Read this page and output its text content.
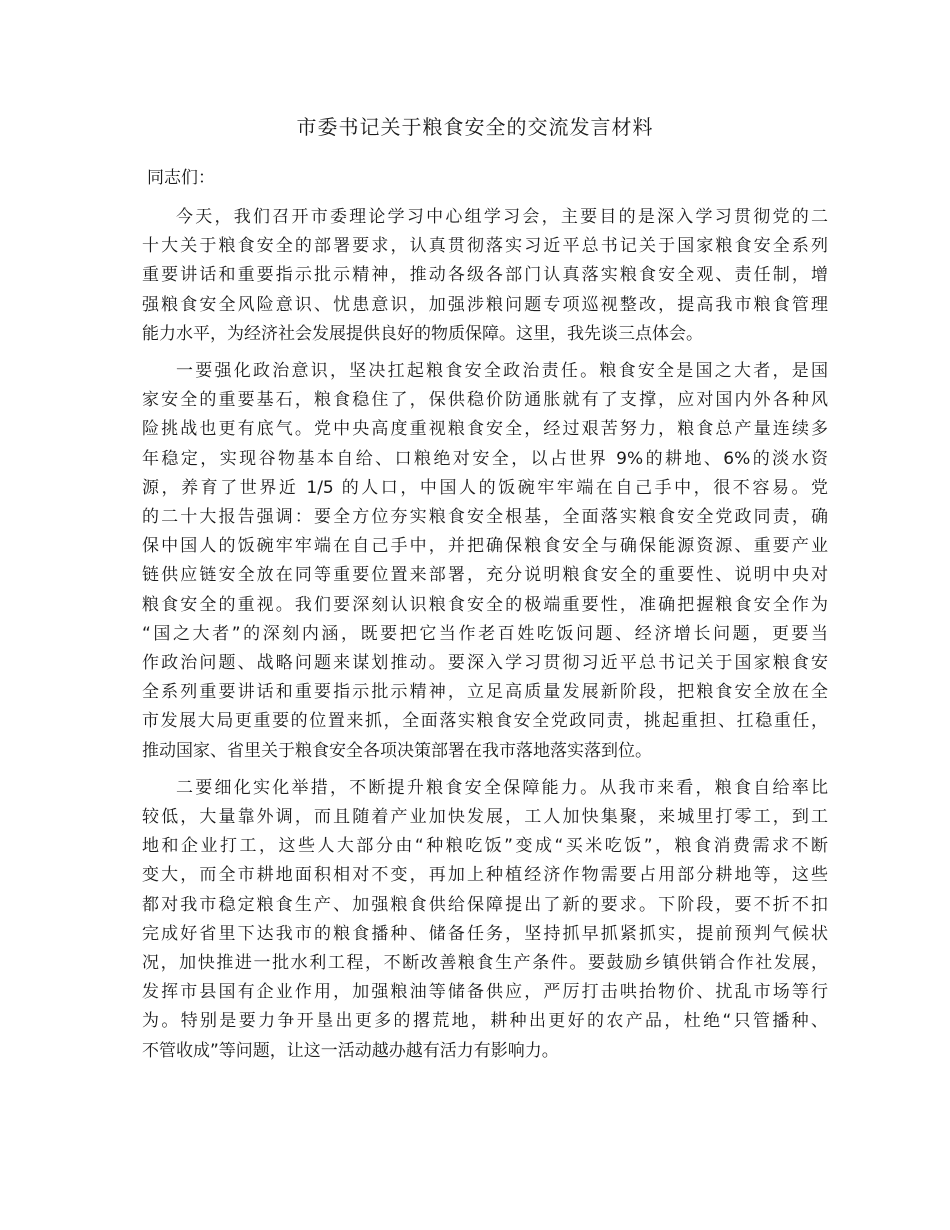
市委书记关于粮食安全的交流发言材料

同志们：

今天，我们召开市委理论学习中心组学习会，主要目的是深入学习贯彻党的二
十大关于粮食安全的部署要求，认真贯彻落实习近平总书记关于国家粮食安全系列
重要讲话和重要指示批示精神，推动各级各部门认真落实粮食安全观、责任制，增
强粮食安全风险意识、忧患意识，加强涉粮问题专项巡视整改，提高我市粮食管理
能力水平，为经济社会发展提供良好的物质保障。这里，我先谈三点体会。
一要强化政治意识，坚决扛起粮食安全政治责任。粮食安全是国之大者，是国
家安全的重要基石，粮食稳住了，保供稳价防通胀就有了支撑，应对国内外各种风
险挑战也更有底气。党中央高度重视粮食安全，经过艰苦努力，粮食总产量连续多
年稳定，实现谷物基本自给、口粮绝对安全，以占世界 9%的耕地、6%的淡水资
源，养育了世界近 1/5 的人口，中国人的饭碗牢牢端在自己手中，很不容易。党
的二十大报告强调：要全方位夯实粮食安全根基，全面落实粮食安全党政同责，确
保中国人的饭碗牢牢端在自己手中，并把确保粮食安全与确保能源资源、重要产业
链供应链安全放在同等重要位置来部署，充分说明粮食安全的重要性、说明中央对
粮食安全的重视。我们要深刻认识粮食安全的极端重要性，准确把握粮食安全作为
“国之大者”的深刻内涵，既要把它当作老百姓吃饭问题、经济增长问题，更要当
作政治问题、战略问题来谋划推动。要深入学习贯彻习近平总书记关于国家粮食安
全系列重要讲话和重要指示批示精神，立足高质量发展新阶段，把粮食安全放在全
市发展大局更重要的位置来抓，全面落实粮食安全党政同责，挑起重担、扛稳重任，
推动国家、省里关于粮食安全各项决策部署在我市落地落实落到位。
二要细化实化举措，不断提升粮食安全保障能力。从我市来看，粮食自给率比
较低，大量靠外调，而且随着产业加快发展，工人加快集聚，来城里打零工，到工
地和企业打工，这些人大部分由“种粮吃饭”变成“买米吃饭”，粮食消费需求不断
变大，而全市耕地面积相对不变，再加上种植经济作物需要占用部分耕地等，这些
都对我市稳定粮食生产、加强粮食供给保障提出了新的要求。下阶段，要不折不扣
完成好省里下达我市的粮食播种、储备任务，坚持抓早抓紧抓实，提前预判气候状
况，加快推进一批水利工程，不断改善粮食生产条件。要鼓励乡镇供销合作社发展，
发挥市县国有企业作用，加强粮油等储备供应，严厉打击哄抬物价、扰乱市场等行
为。特别是要力争开垦出更多的撂荒地，耕种出更好的农产品，杜绝“只管播种、
不管收成”等问题，让这一活动越办越有活力有影响力。
